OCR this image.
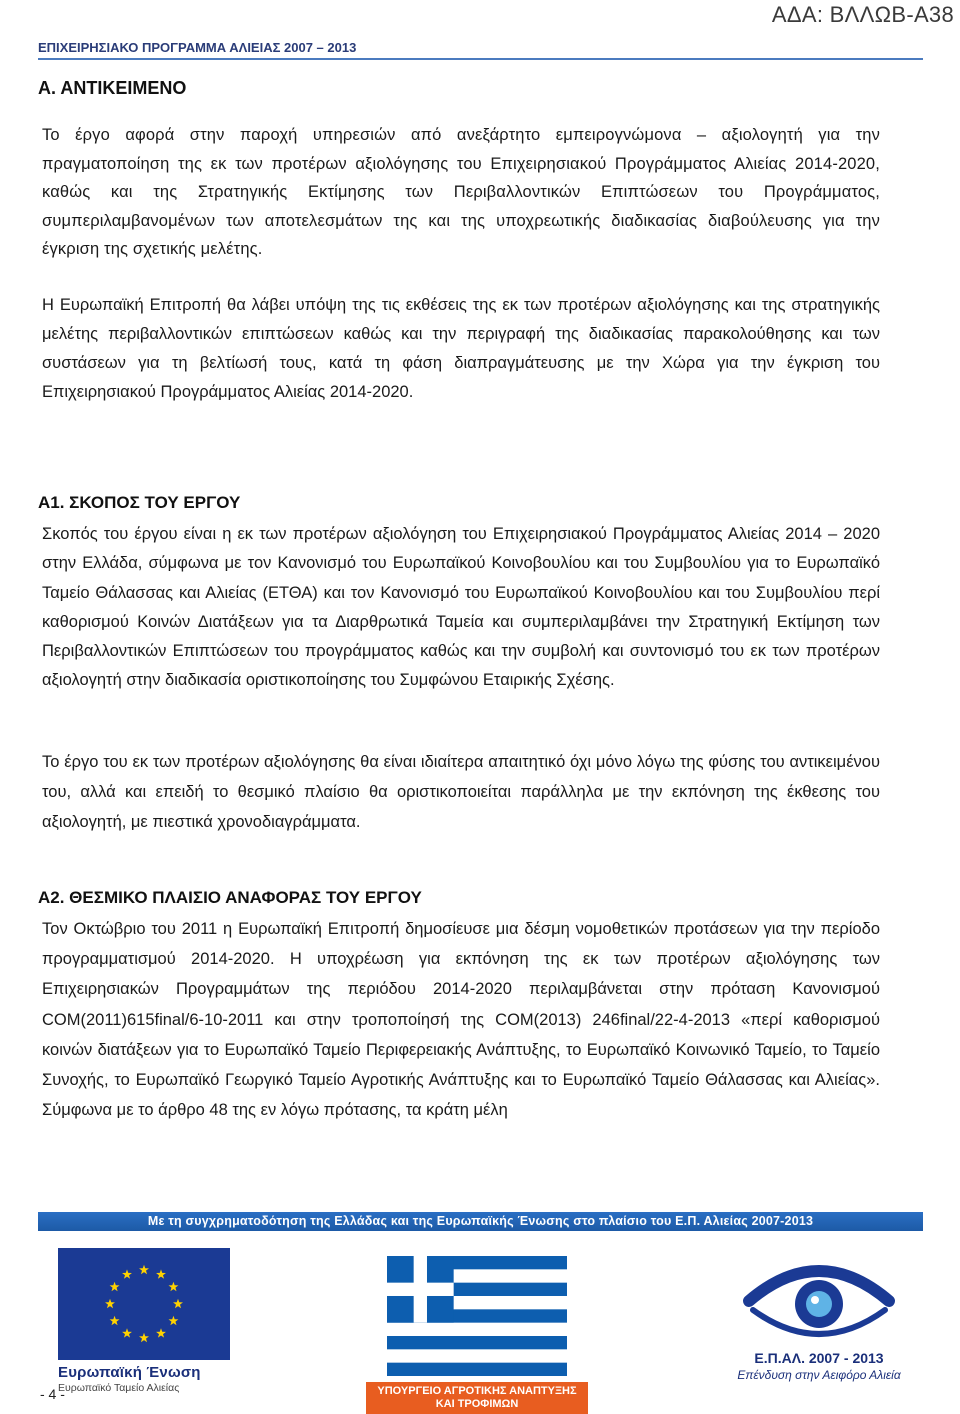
ΑΔΑ: ΒΛΛΩΒ-Α38
ΕΠΙΧΕΙΡΗΣΙΑΚΟ ΠΡΟΓΡΑΜΜΑ ΑΛΙΕΙΑΣ 2007 – 2013
Α. ΑΝΤΙΚΕΙΜΕΝΟ

Το έργο αφορά στην παροχή υπηρεσιών από ανεξάρτητο εμπειρογνώμονα – αξιολογητή για την πραγματοποίηση της εκ των προτέρων αξιολόγησης του Επιχειρησιακού Προγράμματος Αλιείας 2014-2020, καθώς και της Στρατηγικής Εκτίμησης των Περιβαλλοντικών Επιπτώσεων του Προγράμματος, συμπεριλαμβανομένων των αποτελεσμάτων της και της υποχρεωτικής διαδικασίας διαβούλευσης για την έγκριση της σχετικής μελέτης.

Η Ευρωπαϊκή Επιτροπή θα λάβει υπόψη της τις εκθέσεις της εκ των προτέρων αξιολόγησης και της στρατηγικής μελέτης περιβαλλοντικών επιπτώσεων καθώς και την περιγραφή της διαδικασίας παρακολούθησης και των συστάσεων για τη βελτίωσή τους, κατά τη φάση διαπραγμάτευσης με την Χώρα για την έγκριση του Επιχειρησιακού Προγράμματος Αλιείας 2014-2020.

Α1. ΣΚΟΠΟΣ ΤΟΥ ΕΡΓΟΥ

Σκοπός του έργου είναι η εκ των προτέρων αξιολόγηση του Επιχειρησιακού Προγράμματος Αλιείας 2014 – 2020 στην Ελλάδα, σύμφωνα με τον Κανονισμό του Ευρωπαϊκού Κοινοβουλίου και του Συμβουλίου για το Ευρωπαϊκό Ταμείο Θάλασσας και Αλιείας (ΕΤΘΑ) και τον Κανονισμό του Ευρωπαϊκού Κοινοβουλίου και του Συμβουλίου περί καθορισμού Κοινών Διατάξεων για τα Διαρθρωτικά Ταμεία και συμπεριλαμβάνει την Στρατηγική Εκτίμηση των Περιβαλλοντικών Επιπτώσεων του προγράμματος καθώς και την συμβολή και συντονισμό του εκ των προτέρων αξιολογητή στην διαδικασία οριστικοποίησης του Συμφώνου Εταιρικής Σχέσης.

Το έργο του εκ των προτέρων αξιολόγησης θα είναι ιδιαίτερα απαιτητικό όχι μόνο λόγω της φύσης του αντικειμένου του, αλλά και επειδή το θεσμικό πλαίσιο θα οριστικοποιείται παράλληλα με την εκπόνηση της έκθεσης του αξιολογητή, με πιεστικά χρονοδιαγράμματα.

Α2. ΘΕΣΜΙΚΟ ΠΛΑΙΣΙΟ ΑΝΑΦΟΡΑΣ ΤΟΥ ΕΡΓΟΥ

Τον Οκτώβριο του 2011 η Ευρωπαϊκή Επιτροπή δημοσίευσε μια δέσμη νομοθετικών προτάσεων για την περίοδο προγραμματισμού 2014-2020. Η υποχρέωση για εκπόνηση της εκ των προτέρων αξιολόγησης των Επιχειρησιακών Προγραμμάτων της περιόδου 2014-2020 περιλαμβάνεται στην πρόταση Κανονισμού COM(2011)615final/6-10-2011 και στην τροποποίησή της COM(2013) 246final/22-4-2013 «περί καθορισμού κοινών διατάξεων για το Ευρωπαϊκό Ταμείο Περιφερειακής Ανάπτυξης, το Ευρωπαϊκό Κοινωνικό Ταμείο, το Ταμείο Συνοχής, το Ευρωπαϊκό Γεωργικό Ταμείο Αγροτικής Ανάπτυξης και το Ευρωπαϊκό Ταμείο Θάλασσας και Αλιείας». Σύμφωνα με το άρθρο 48 της εν λόγω πρότασης, τα κράτη μέλη

Με τη συγχρηματοδότηση της Ελλάδας και της Ευρωπαϊκής Ένωσης στο πλαίσιο του Ε.Π. Αλιείας 2007-2013
Ευρωπαϊκή Ένωση
Ευρωπαϊκό Ταμείο Αλιείας	ΥΠΟΥΡΓΕΙΟ ΑΓΡΟΤΙΚΗΣ ΑΝΑΠΤΥΞΗΣ ΚΑΙ ΤΡΟΦΙΜΩΝ
Ε.Π.ΑΛ. 2007 - 2013
Επένδυση στην Αειφόρο Αλιεία
- 4 -
